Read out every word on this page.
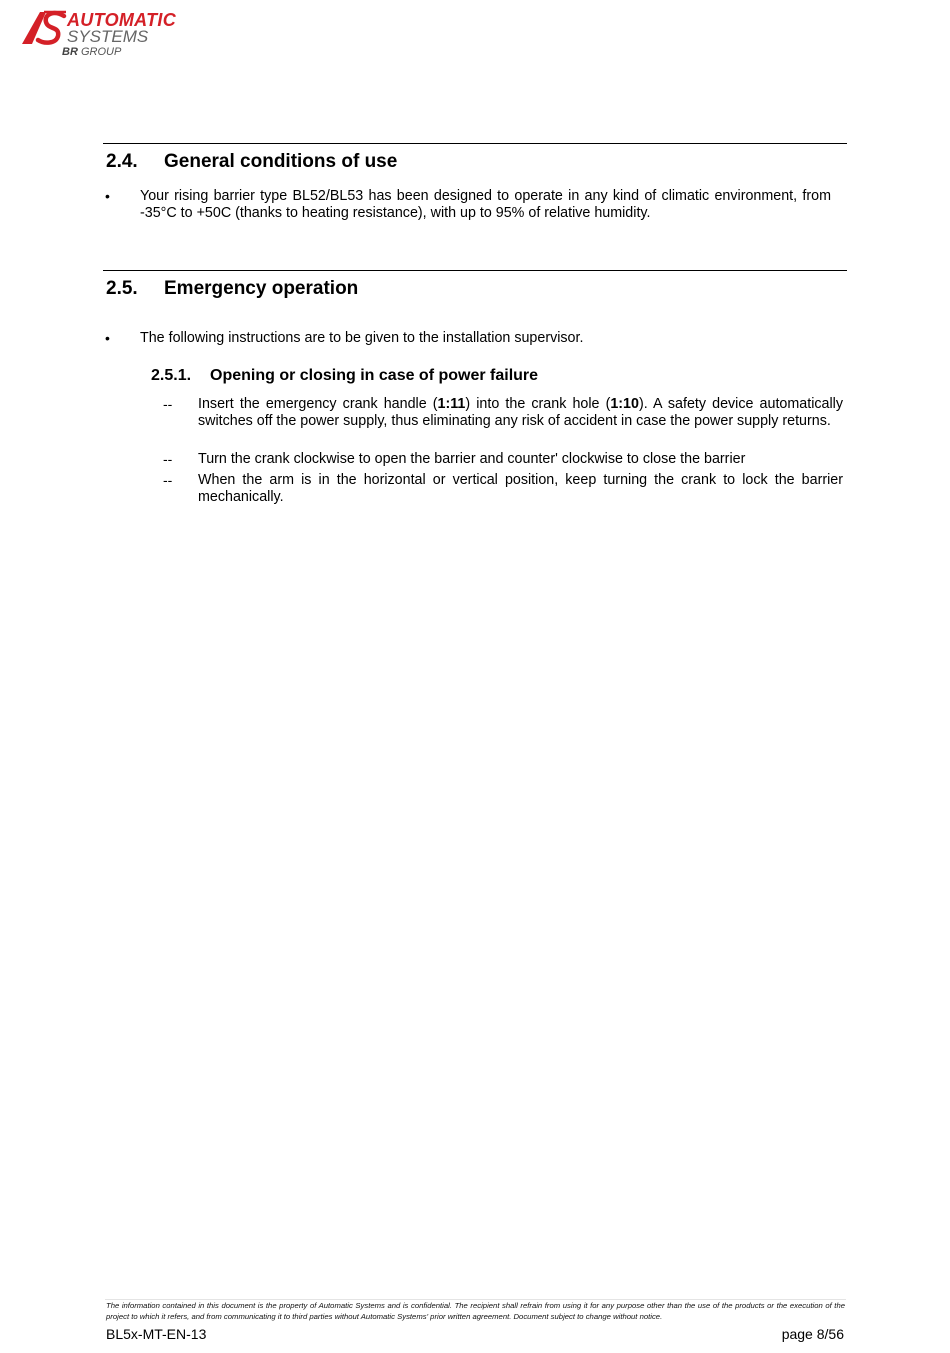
AUTOMATIC
SYSTEMS
BR GROUP
2.4. General conditions of use
• Your rising barrier type BL52/BL53 has been designed to operate in any kind of climatic environment, from -35°C to +50C (thanks to heating resistance), with up to 95% of relative humidity.
2.5. Emergency operation
• The following instructions are to be given to the installation supervisor.
2.5.1. Opening or closing in case of power failure
-- Insert the emergency crank handle (1:11) into the crank hole (1:10). A safety device automatically switches off the power supply, thus eliminating any risk of accident in case the power supply returns.
-- Turn the crank clockwise to open the barrier and counter' clockwise to close the barrier
-- When the arm is in the horizontal or vertical position, keep turning the crank to lock the barrier mechanically.
The information contained in this document is the property of Automatic Systems and is confidential. The recipient shall refrain from using it for any purpose other than the use of the products or the execution of the project to which it refers, and from communicating it to third parties without Automatic Systems' prior written agreement. Document subject to change without notice.
BL5x-MT-EN-13	page 8/56
